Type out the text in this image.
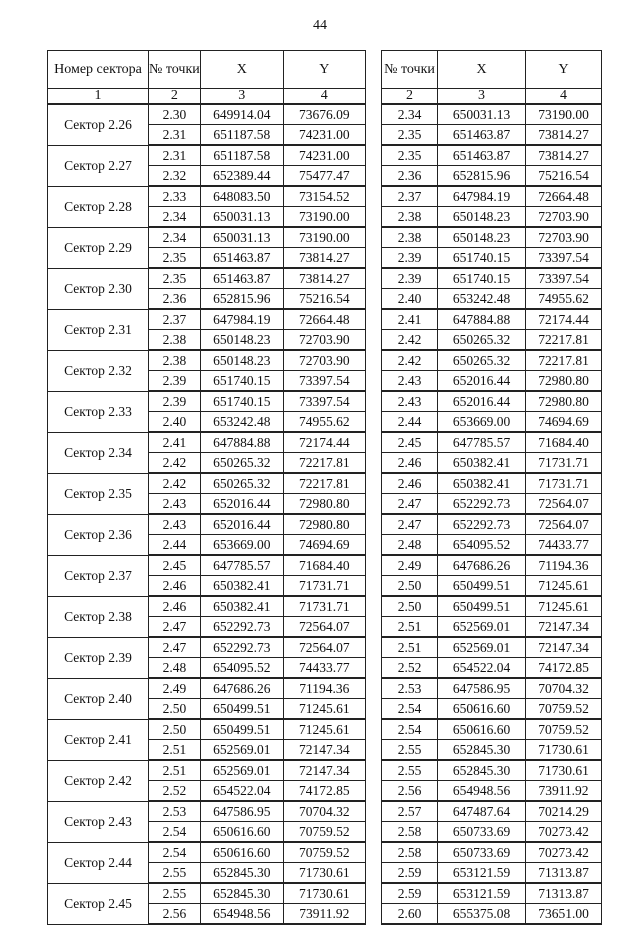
44
Номер сектора	№ точки	X	Y
1	2	3	4
Сектор 2.26	2.30	649914.04	73676.09
	2.31	651187.58	74231.00
Сектор 2.27	2.31	651187.58	74231.00
	2.32	652389.44	75477.47
Сектор 2.28	2.33	648083.50	73154.52
	2.34	650031.13	73190.00
Сектор 2.29	2.34	650031.13	73190.00
	2.35	651463.87	73814.27
Сектор 2.30	2.35	651463.87	73814.27
	2.36	652815.96	75216.54
Сектор 2.31	2.37	647984.19	72664.48
	2.38	650148.23	72703.90
Сектор 2.32	2.38	650148.23	72703.90
	2.39	651740.15	73397.54
Сектор 2.33	2.39	651740.15	73397.54
	2.40	653242.48	74955.62
Сектор 2.34	2.41	647884.88	72174.44
	2.42	650265.32	72217.81
Сектор 2.35	2.42	650265.32	72217.81
	2.43	652016.44	72980.80
Сектор 2.36	2.43	652016.44	72980.80
	2.44	653669.00	74694.69
Сектор 2.37	2.45	647785.57	71684.40
	2.46	650382.41	71731.71
Сектор 2.38	2.46	650382.41	71731.71
	2.47	652292.73	72564.07
Сектор 2.39	2.47	652292.73	72564.07
	2.48	654095.52	74433.77
Сектор 2.40	2.49	647686.26	71194.36
	2.50	650499.51	71245.61
Сектор 2.41	2.50	650499.51	71245.61
	2.51	652569.01	72147.34
Сектор 2.42	2.51	652569.01	72147.34
	2.52	654522.04	74172.85
Сектор 2.43	2.53	647586.95	70704.32
	2.54	650616.60	70759.52
Сектор 2.44	2.54	650616.60	70759.52
	2.55	652845.30	71730.61
Сектор 2.45	2.55	652845.30	71730.61
	2.56	654948.56	73911.92
№ точки	X	Y
2	3	4
2.34	650031.13	73190.00
2.35	651463.87	73814.27
2.35	651463.87	73814.27
2.36	652815.96	75216.54
2.37	647984.19	72664.48
2.38	650148.23	72703.90
2.38	650148.23	72703.90
2.39	651740.15	73397.54
2.39	651740.15	73397.54
2.40	653242.48	74955.62
2.41	647884.88	72174.44
2.42	650265.32	72217.81
2.42	650265.32	72217.81
2.43	652016.44	72980.80
2.43	652016.44	72980.80
2.44	653669.00	74694.69
2.45	647785.57	71684.40
2.46	650382.41	71731.71
2.46	650382.41	71731.71
2.47	652292.73	72564.07
2.47	652292.73	72564.07
2.48	654095.52	74433.77
2.49	647686.26	71194.36
2.50	650499.51	71245.61
2.50	650499.51	71245.61
2.51	652569.01	72147.34
2.51	652569.01	72147.34
2.52	654522.04	74172.85
2.53	647586.95	70704.32
2.54	650616.60	70759.52
2.54	650616.60	70759.52
2.55	652845.30	71730.61
2.55	652845.30	71730.61
2.56	654948.56	73911.92
2.57	647487.64	70214.29
2.58	650733.69	70273.42
2.58	650733.69	70273.42
2.59	653121.59	71313.87
2.59	653121.59	71313.87
2.60	655375.08	73651.00
